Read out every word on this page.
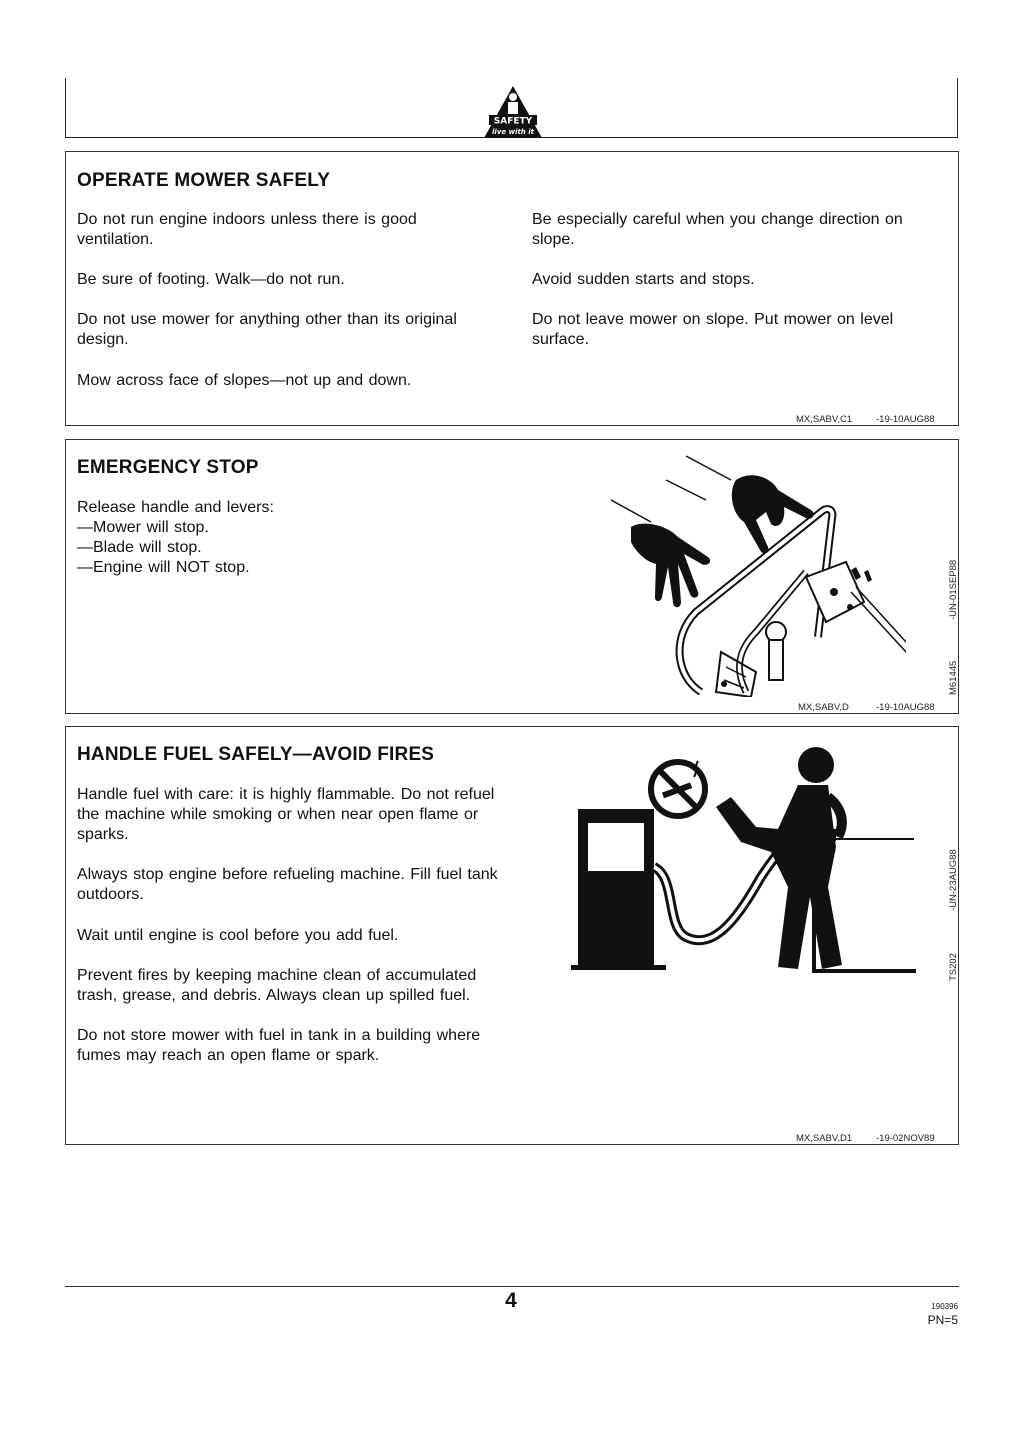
SAFETY
live with it
OPERATE MOWER SAFELY

Do not run engine indoors unless there is good ventilation.

Be sure of footing. Walk—do not run.

Do not use mower for anything other than its original design.

Mow across face of slopes—not up and down.

Be especially careful when you change direction on slope.

Avoid sudden starts and stops.

Do not leave mower on slope. Put mower on level surface.

MX,SABV,C1	-19-10AUG88
EMERGENCY STOP

Release handle and levers:

—Mower will stop.

—Blade will stop.

—Engine will NOT stop.

M61445
-UN-01SEP88
MX,SABV,D	-19-10AUG88
HANDLE FUEL SAFELY—AVOID FIRES

Handle fuel with care: it is highly flammable. Do not refuel the machine while smoking or when near open flame or sparks.

Always stop engine before refueling machine. Fill fuel tank outdoors.

Wait until engine is cool before you add fuel.

Prevent fires by keeping machine clean of accumulated trash, grease, and debris. Always clean up spilled fuel.

Do not store mower with fuel in tank in a building where fumes may reach an open flame or spark.

TS202
-UN-23AUG88
MX,SABV,D1	-19-02NOV89
4	190396
PN=5
